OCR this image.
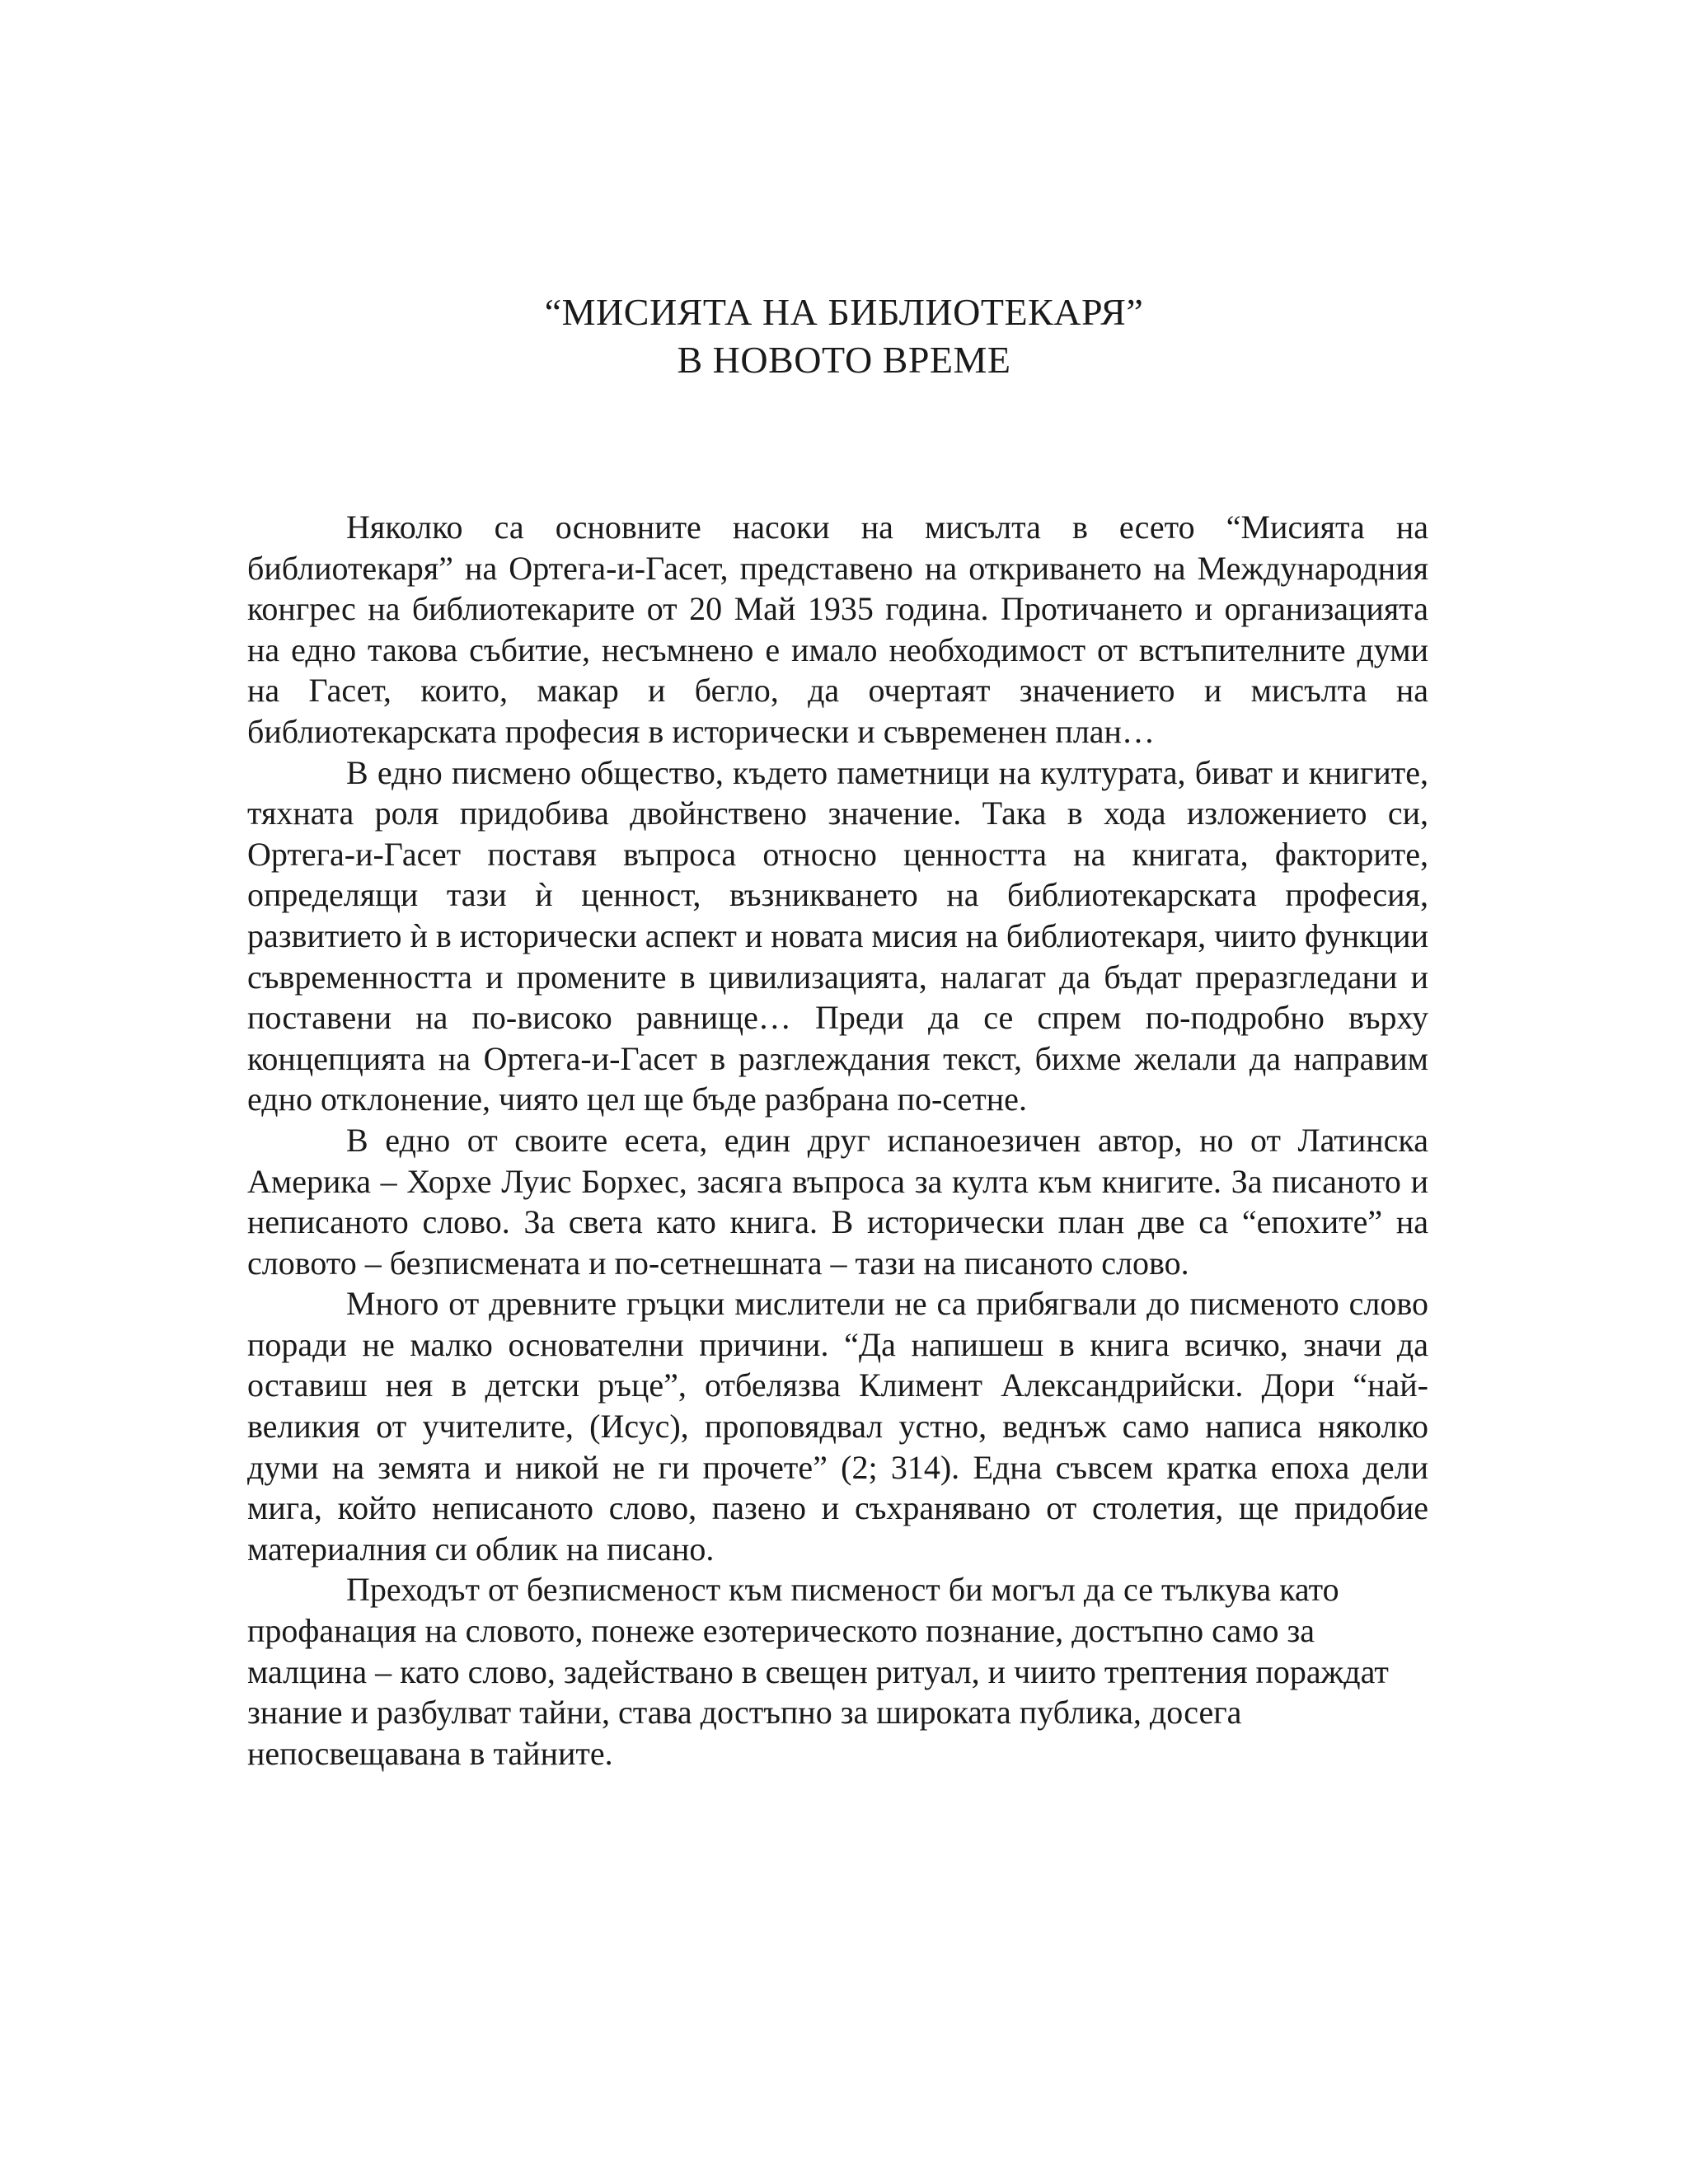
“МИСИЯТА НА БИБЛИОТЕКАРЯ”
В НОВОТО ВРЕМЕ

Няколко са основните насоки на мисълта в есето “Мисията на библиотекаря” на Ортега-и-Гасет, представено на откриването на Международния конгрес на библиотекарите от 20 Май 1935 година. Протичането и организацията на едно такова събитие, несъмнено е имало необходимост от встъпителните думи на Гасет, които, макар и бегло, да очертаят значението и мисълта на библиотекарската професия в исторически и съвременен план…

В едно писмено общество, където паметници на културата, биват и книгите, тяхната роля придобива двойнствено значение. Така в хода изложението си, Ортега-и-Гасет поставя въпроса относно ценността на книгата, факторите, определящи тази ѝ ценност, възникването на библиотекарската професия, развитието ѝ в исторически аспект и новата мисия на библиотекаря, чиито функции съвременността и промените в цивилизацията, налагат да бъдат преразгледани и поставени на по-високо равнище… Преди да се спрем по-подробно върху концепцията на Ортега-и-Гасет в разглеждания текст, бихме желали да направим едно отклонение, чиято цел ще бъде разбрана по-сетне.

В едно от своите есета, един друг испаноезичен автор, но от Латинска Америка – Хорхе Луис Борхес, засяга въпроса за култа към книгите. За писаното и неписаното слово. За света като книга. В исторически план две са “епохите” на словото – безписмената и по-сетнешната – тази на писаното слово.

Много от древните гръцки мислители не са прибягвали до писменото слово поради не малко основателни причини. “Да напишеш в книга всичко, значи да оставиш нея в детски ръце”, отбелязва Климент Александрийски. Дори “най-великия от учителите, (Исус), проповядвал устно, веднъж само написа няколко думи на земята и никой не ги прочете” (2; 314). Една съвсем кратка епоха дели мига, който неписаното слово, пазено и съхранявано от столетия, ще придобие материалния си облик на писано.

Преходът от безписменост към писменост би могъл да се тълкува като профанация на словото, понеже езотерическото познание, достъпно само за малцина – като слово, задействано в свещен ритуал, и чиито трептения пораждат знание и разбулват тайни, става достъпно за широката публика, досега непосвещавана в тайните.
